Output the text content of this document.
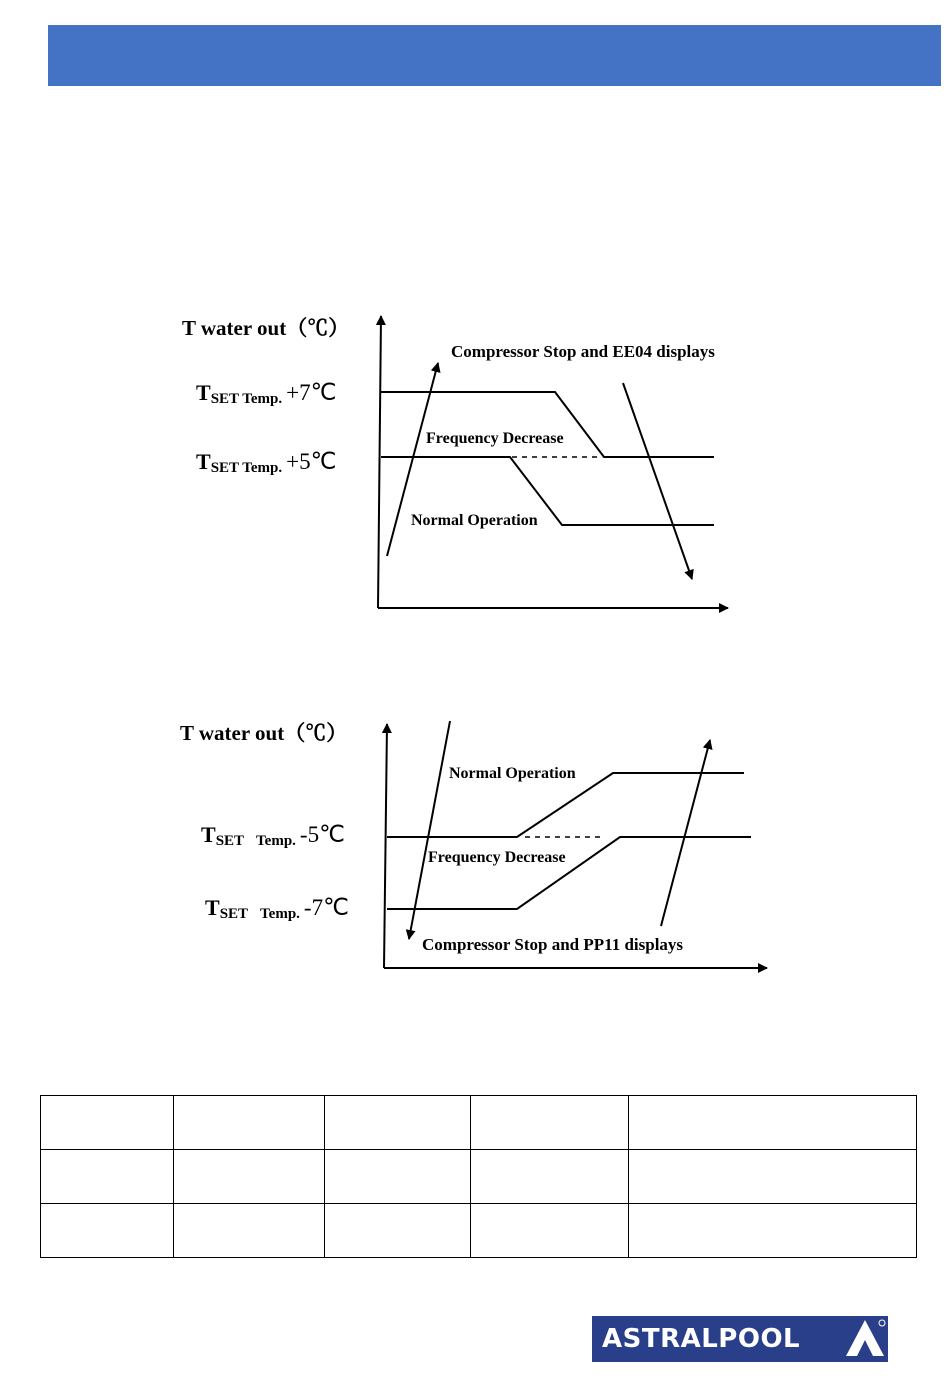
T water out（℃）
TSET Temp. +7℃
TSET Temp. +5℃
Compressor Stop and EE04 displays
Frequency Decrease
Normal Operation
T water out（℃）
TSET Temp. -5℃
TSET Temp. -7℃
Normal Operation
Frequency Decrease
Compressor Stop and PP11 displays

ASTRALPOOL
